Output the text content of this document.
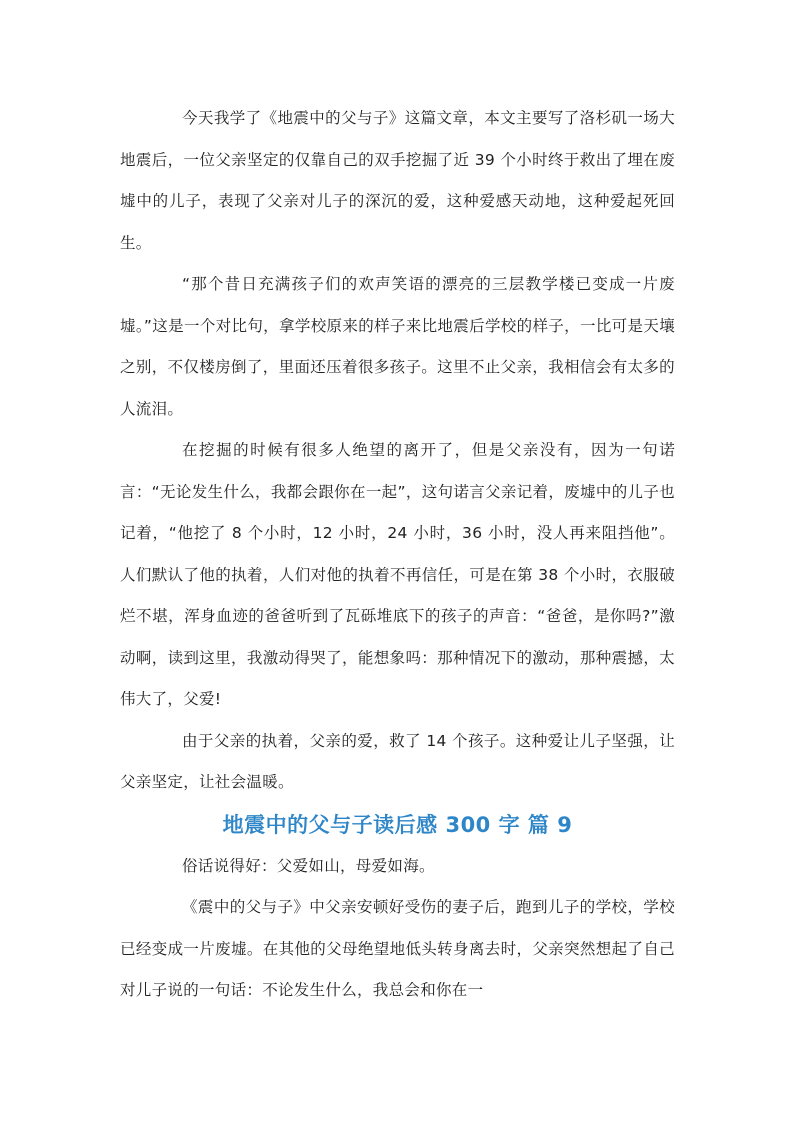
今天我学了《地震中的父与子》这篇文章，本文主要写了洛杉矶一场大地震后，一位父亲坚定的仅靠自己的双手挖掘了近 39 个小时终于救出了埋在废墟中的儿子，表现了父亲对儿子的深沉的爱，这种爱感天动地，这种爱起死回生。

“那个昔日充满孩子们的欢声笑语的漂亮的三层教学楼已变成一片废墟。”这是一个对比句，拿学校原来的样子来比地震后学校的样子，一比可是天壤之别，不仅楼房倒了，里面还压着很多孩子。这里不止父亲，我相信会有太多的人流泪。

在挖掘的时候有很多人绝望的离开了，但是父亲没有，因为一句诺言：“无论发生什么，我都会跟你在一起”，这句诺言父亲记着，废墟中的儿子也记着，“他挖了 8 个小时，12 小时，24 小时，36 小时，没人再来阻挡他”。人们默认了他的执着，人们对他的执着不再信任，可是在第 38 个小时，衣服破烂不堪，浑身血迹的爸爸听到了瓦砾堆底下的孩子的声音：“爸爸，是你吗?”激动啊，读到这里，我激动得哭了，能想象吗：那种情况下的激动，那种震撼，太伟大了，父爱!

由于父亲的执着，父亲的爱，救了 14 个孩子。这种爱让儿子坚强，让父亲坚定，让社会温暖。

地震中的父与子读后感 300 字 篇 9

俗话说得好：父爱如山，母爱如海。

《震中的父与子》中父亲安顿好受伤的妻子后，跑到儿子的学校，学校已经变成一片废墟。在其他的父母绝望地低头转身离去时，父亲突然想起了自己对儿子说的一句话：不论发生什么，我总会和你在一
